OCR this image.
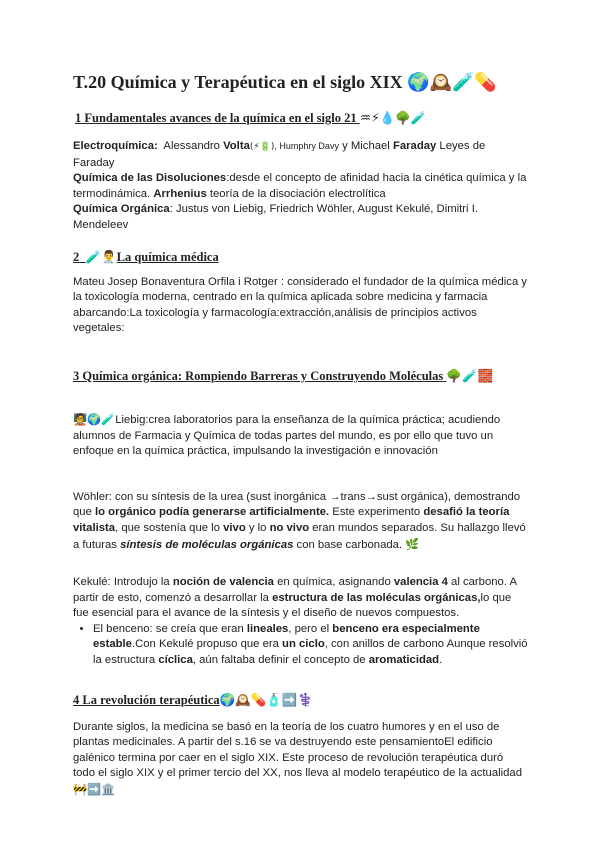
T.20 Química y Terapéutica en el siglo XIX 🌍🕰️🧪💊
1 Fundamentales avances de la química en el siglo 21 ♒⚡💧🌳🧪

Electroquímica: Alessandro Volta(⚡🔋), Humphry Davy y Michael Faraday Leyes de Faraday

Química de las Disoluciones:desde el concepto de afinidad hacia la cinética química y la termodinámica. Arrhenius teoría de la disociación electrolítica

Química Orgánica: Justus von Liebig, Friedrich Wöhler, August Kekulé, Dimitri I. Mendeleev

2 🧪👨‍⚕️La química médica

Mateu Josep Bonaventura Orfila i Rotger : considerado el fundador de la química médica y la toxicología moderna, centrado en la química aplicada sobre medicina y farmacia abarcando:La toxicología y farmacología:extracción,análisis de principios activos vegetales:

3 Química orgánica: Rompiendo Barreras y Construyendo Moléculas 🌳🧪🧱

🧑‍🏫🌍🧪Liebig:crea laboratorios para la enseñanza de la química práctica; acudiendo alumnos de Farmacia y Química de todas partes del mundo, es por ello que tuvo un enfoque en la química práctica, impulsando la investigación e innovación

Wöhler: con su síntesis de la urea (sust inorgánica →trans→sust orgánica), demostrando que lo orgánico podía generarse artificialmente. Este experimento desafió la teoría vitalista, que sostenía que lo vivo y lo no vivo eran mundos separados. Su hallazgo llevó a futuras síntesis de moléculas orgánicas con base carbonada. 🌿

Kekulé: Introdujo la noción de valencia en química, asignando valencia 4 al carbono. A partir de esto, comenzó a desarrollar la estructura de las moléculas orgánicas,lo que fue esencial para el avance de la síntesis y el diseño de nuevos compuestos.

• El benceno: se creía que eran lineales, pero el benceno era especialmente estable.Con Kekulé propuso que era un ciclo, con anillos de carbono Aunque resolvió la estructura cíclica, aún faltaba definir el concepto de aromaticidad.
4 La revolución terapéutica🌍🕰️💊🧴➡️⚕️

Durante siglos, la medicina se basó en la teoría de los cuatro humores y en el uso de plantas medicinales. A partir del s.16 se va destruyendo este pensamientoEl edificio galénico termina por caer en el siglo XIX. Este proceso de revolución terapéutica duró todo el siglo XIX y el primer tercio del XX, nos lleva al modelo terapéutico de la actualidad
🚧➡️🏛️
